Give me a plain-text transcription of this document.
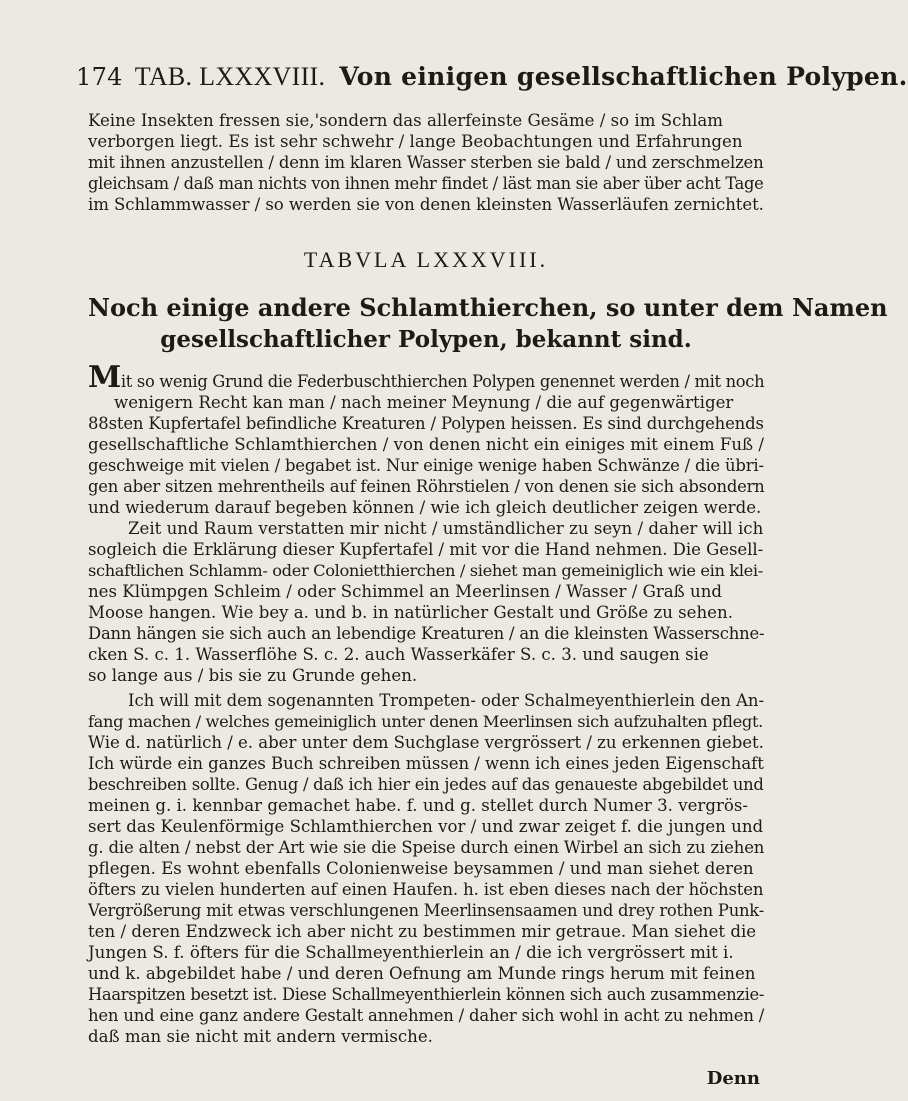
174 TAB. LXXXVIII. Von einigen gesellschaftlichen Polypen.
Keine Insekten fressen sie,'sondern das allerfeinste Gesäme / so im Schlam
verborgen liegt. Es ist sehr schwehr / lange Beobachtungen und Erfahrungen
mit ihnen anzustellen / denn im klaren Wasser sterben sie bald / und zerschmelzen
gleichsam / daß man nichts von ihnen mehr findet / läst man sie aber über acht Tage
im Schlammwasser / so werden sie von denen kleinsten Wasserläufen zernichtet.
TABVLA LXXXVIII.
Noch einige andere Schlamthierchen, so unter dem Namen
gesellschaftlicher Polypen, bekannt sind.
Mit so wenig Grund die Federbuschthierchen Polypen genennet werden / mit noch
wenigern Recht kan man / nach meiner Meynung / die auf gegenwärtiger
88sten Kupfertafel befindliche Kreaturen / Polypen heissen. Es sind durchgehends
gesellschaftliche Schlamthierchen / von denen nicht ein einiges mit einem Fuß /
geschweige mit vielen / begabet ist. Nur einige wenige haben Schwänze / die übri-
gen aber sitzen mehrentheils auf feinen Röhrstielen / von denen sie sich absondern
und wiederum darauf begeben können / wie ich gleich deutlicher zeigen werde.
Zeit und Raum verstatten mir nicht / umständlicher zu seyn / daher will ich
sogleich die Erklärung dieser Kupfertafel / mit vor die Hand nehmen. Die Gesell-
schaftlichen Schlamm- oder Colonietthierchen / siehet man gemeiniglich wie ein klei-
nes Klümpgen Schleim / oder Schimmel an Meerlinsen / Wasser / Graß und
Moose hangen. Wie bey a. und b. in natürlicher Gestalt und Größe zu sehen.
Dann hängen sie sich auch an lebendige Kreaturen / an die kleinsten Wasserschne-
cken S. c. 1. Wasserflöhe S. c. 2. auch Wasserkäfer S. c. 3. und saugen sie
so lange aus / bis sie zu Grunde gehen.
Ich will mit dem sogenannten Trompeten- oder Schalmeyenthierlein den An-
fang machen / welches gemeiniglich unter denen Meerlinsen sich aufzuhalten pflegt.
Wie d. natürlich / e. aber unter dem Suchglase vergrössert / zu erkennen giebet.
Ich würde ein ganzes Buch schreiben müssen / wenn ich eines jeden Eigenschaft
beschreiben sollte. Genug / daß ich hier ein jedes auf das genaueste abgebildet und
meinen g. i. kennbar gemachet habe. f. und g. stellet durch Numer 3. vergrös-
sert das Keulenförmige Schlamthierchen vor / und zwar zeiget f. die jungen und
g. die alten / nebst der Art wie sie die Speise durch einen Wirbel an sich zu ziehen
pflegen. Es wohnt ebenfalls Colonienweise beysammen / und man siehet deren
öfters zu vielen hunderten auf einen Haufen. h. ist eben dieses nach der höchsten
Vergrößerung mit etwas verschlungenen Meerlinsensaamen und drey rothen Punk-
ten / deren Endzweck ich aber nicht zu bestimmen mir getraue. Man siehet die
Jungen S. f. öfters für die Schallmeyenthierlein an / die ich vergrössert mit i.
und k. abgebildet habe / und deren Oefnung am Munde rings herum mit feinen
Haarspitzen besetzt ist. Diese Schallmeyenthierlein können sich auch zusammenzie-
hen und eine ganz andere Gestalt annehmen / daher sich wohl in acht zu nehmen /
daß man sie nicht mit andern vermische.
Denn
